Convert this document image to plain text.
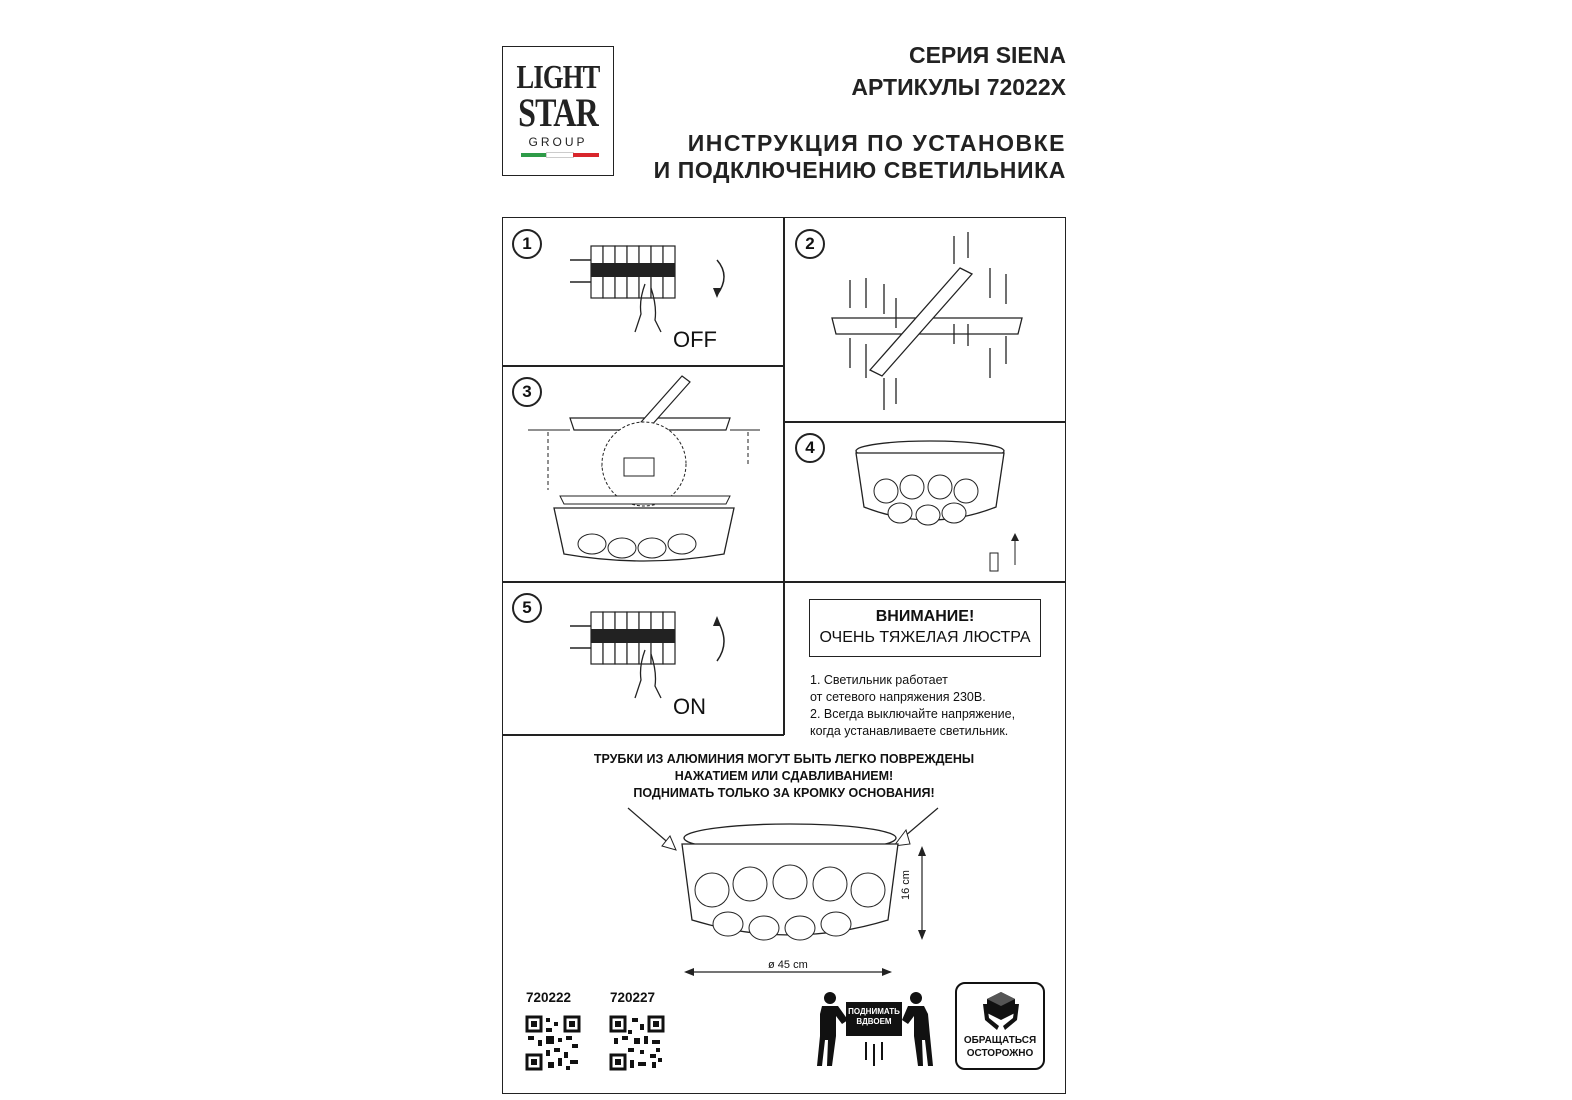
LIGHT
STAR
GROUP
СЕРИЯ SIENA
АРТИКУЛЫ 72022X
ИНСТРУКЦИЯ ПО УСТАНОВКЕ
И ПОДКЛЮЧЕНИЮ СВЕТИЛЬНИКА
1	2
3
4
5
OFF
ON
ВНИМАНИЕ!
ОЧЕНЬ ТЯЖЕЛАЯ ЛЮСТРА
1. Светильник работает
от сетевого напряжения 230В.
2. Всегда выключайте напряжение,
когда устанавливаете светильник.
ТРУБКИ ИЗ АЛЮМИНИЯ МОГУТ БЫТЬ ЛЕГКО ПОВРЕЖДЕНЫ
НАЖАТИЕМ ИЛИ СДАВЛИВАНИЕМ!
ПОДНИМАТЬ ТОЛЬКО ЗА КРОМКУ ОСНОВАНИЯ!
16 cm
ø 45 cm
720222	720227
ПОДНИМАТЬ
ВДВОЕМ
ОБРАЩАТЬСЯ
ОСТОРОЖНО
